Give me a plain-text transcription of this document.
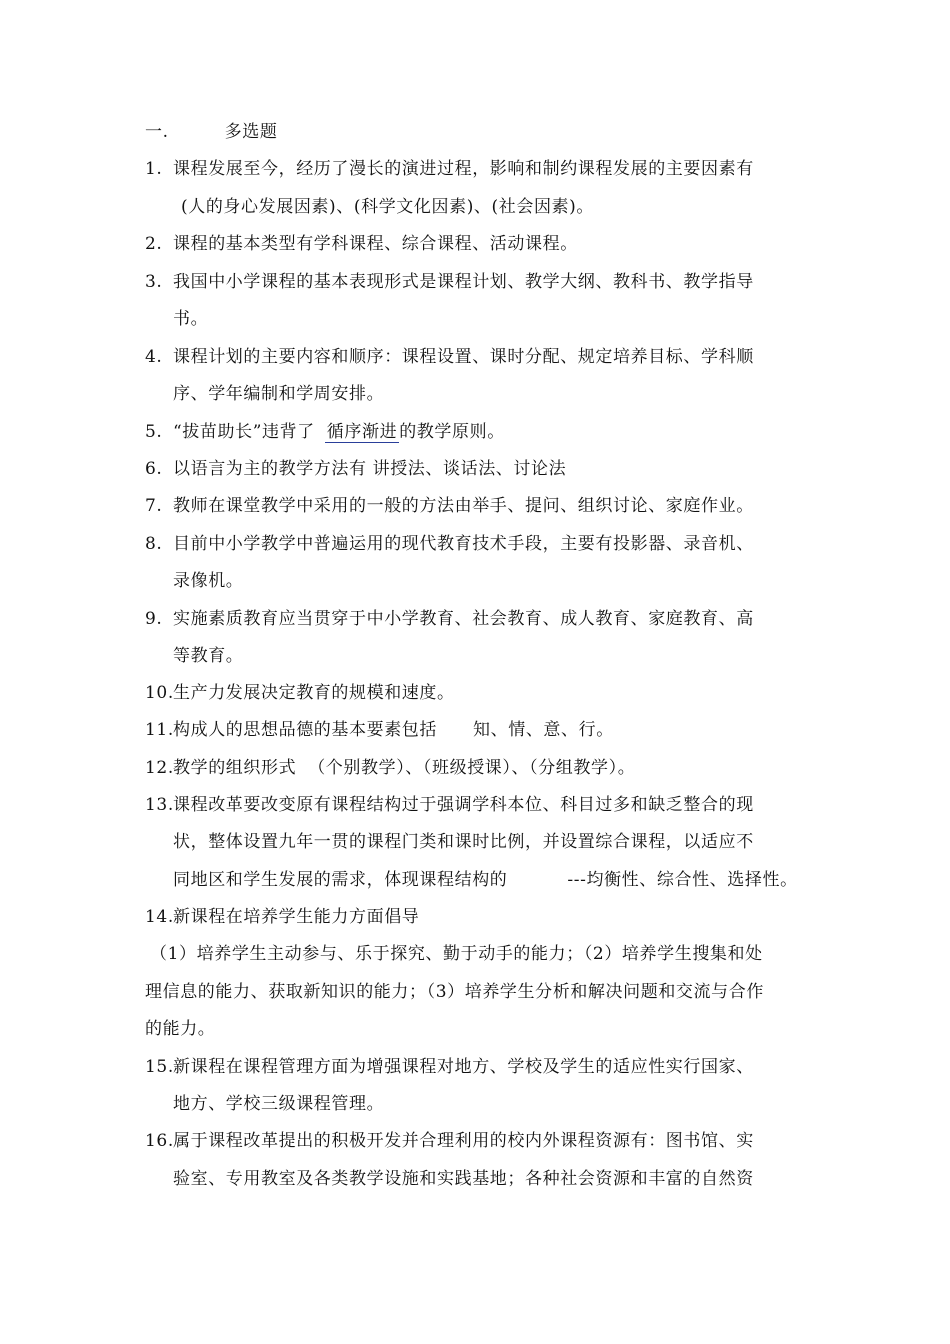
一.	多选题
1. 课程发展至今，经历了漫长的演进过程，影响和制约课程发展的主要因素有
(人的身心发展因素)、(科学文化因素)、(社会因素)。
2. 课程的基本类型有学科课程、综合课程、活动课程。
3. 我国中小学课程的基本表现形式是课程计划、教学大纲、教科书、教学指导
书。
4. 课程计划的主要内容和顺序：课程设置、课时分配、规定培养目标、学科顺
序、学年编制和学周安排。
5. “拔苗助长”违背了 循序渐进 的教学原则。
6. 以语言为主的教学方法有 讲授法、谈话法、讨论法
7. 教师在课堂教学中采用的一般的方法由举手、提问、组织讨论、家庭作业。
8. 目前中小学教学中普遍运用的现代教育技术手段，主要有投影器、录音机、
录像机。
9. 实施素质教育应当贯穿于中小学教育、社会教育、成人教育、家庭教育、高
等教育。
10.生产力发展决定教育的规模和速度。
11.构成人的思想品德的基本要素包括      知、情、意、行。
12.教学的组织形式  （个别教学）、（班级授课）、（分组教学）。
13.课程改革要改变原有课程结构过于强调学科本位、科目过多和缺乏整合的现
状，整体设置九年一贯的课程门类和课时比例，并设置综合课程，以适应不
同地区和学生发展的需求，体现课程结构的          ---均衡性、综合性、选择性。
14.新课程在培养学生能力方面倡导
（1）培养学生主动参与、乐于探究、勤于动手的能力；（2）培养学生搜集和处
理信息的能力、获取新知识的能力；（3）培养学生分析和解决问题和交流与合作
的能力。
15.新课程在课程管理方面为增强课程对地方、学校及学生的适应性实行国家、
地方、学校三级课程管理。
16.属于课程改革提出的积极开发并合理利用的校内外课程资源有：图书馆、实
验室、专用教室及各类教学设施和实践基地；各种社会资源和丰富的自然资
